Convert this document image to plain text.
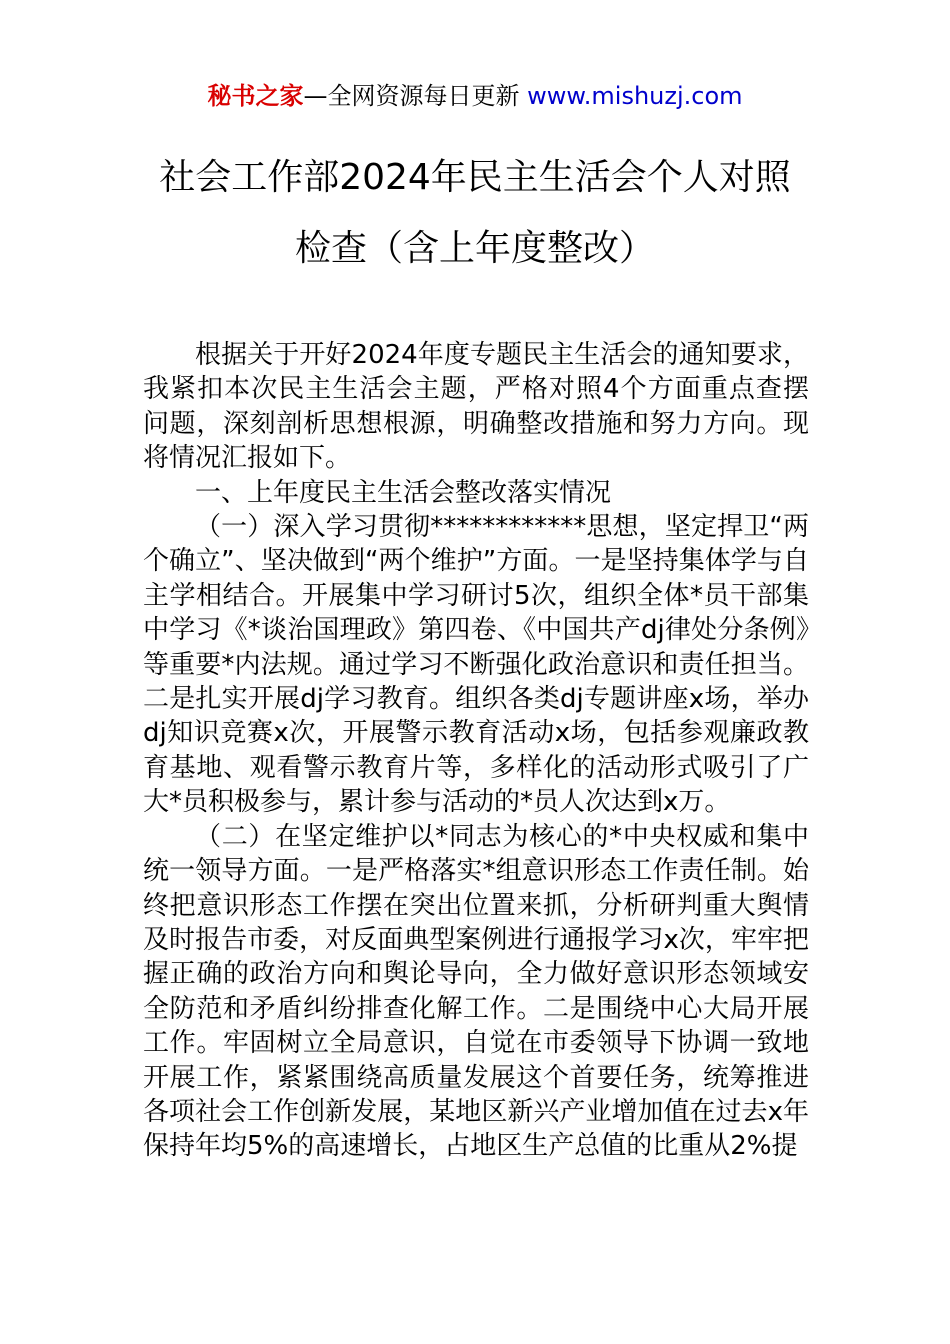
秘书之家—全网资源每日更新 www.mishuzj.com
社会工作部2024年民主生活会个人对照
检查（含上年度整改）

根据关于开好2024年度专题民主生活会的通知要求，我紧扣本次民主生活会主题，严格对照4个方面重点查摆问题，深刻剖析思想根源，明确整改措施和努力方向。现将情况汇报如下。

一、上年度民主生活会整改落实情况

（一）深入学习贯彻************思想，坚定捍卫“两个确立”、坚决做到“两个维护”方面。一是坚持集体学与自主学相结合。开展集中学习研讨5次，组织全体*员干部集中学习《*谈治国理政》第四卷、《中国共产dj律处分条例》等重要*内法规。通过学习不断强化政治意识和责任担当。二是扎实开展dj学习教育。组织各类dj专题讲座x场，举办dj知识竞赛x次，开展警示教育活动x场，包括参观廉政教育基地、观看警示教育片等，多样化的活动形式吸引了广大*员积极参与，累计参与活动的*员人次达到x万。

（二）在坚定维护以*同志为核心的*中央权威和集中统一领导方面。一是严格落实*组意识形态工作责任制。始终把意识形态工作摆在突出位置来抓，分析研判重大舆情及时报告市委，对反面典型案例进行通报学习x次，牢牢把握正确的政治方向和舆论导向，全力做好意识形态领域安全防范和矛盾纠纷排查化解工作。二是围绕中心大局开展工作。牢固树立全局意识，自觉在市委领导下协调一致地开展工作，紧紧围绕高质量发展这个首要任务，统筹推进各项社会工作创新发展，某地区新兴产业增加值在过去x年保持年均5%的高速增长，占地区生产总值的比重从2%提
